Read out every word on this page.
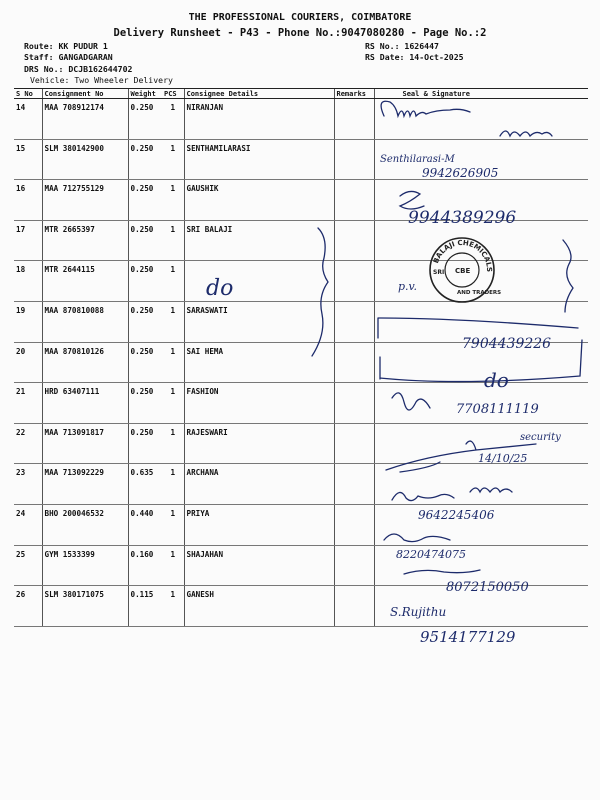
THE PROFESSIONAL COURIERS, COIMBATORE
Delivery Runsheet - P43 - Phone No.:9047080280 - Page No.:2
Route: KK PUDUR 1
Staff: GANGADGARAN
DRS No.: DCJB162644702
Vehicle: Two Wheeler Delivery
RS No.: 1626447
RS Date: 14-Oct-2025
S No	Consignment No	Weight	PCS	Consignee Details	Remarks	Seal & Signature
14	MAA 708912174	0.250	1	NIRANJAN		
15	SLM 380142900	0.250	1	SENTHAMILARASI		
16	MAA 712755129	0.250	1	GAUSHIK		
17	MTR 2665397	0.250	1	SRI BALAJI		
18	MTR 2644115	0.250	1			
19	MAA 870810088	0.250	1	SARASWATI		
20	MAA 870810126	0.250	1	SAI HEMA		
21	HRD 63407111	0.250	1	FASHION		
22	MAA 713091817	0.250	1	RAJESWARI		
23	MAA 713092229	0.635	1	ARCHANA		
24	BHO 200046532	0.440	1	PRIYA		
25	GYM 1533399	0.160	1	SHAJAHAN		
26	SLM 380171075	0.115	1	GANESH		
BALAJI CHEMICALS
SRI
AND TRADERS
CBE
do
Senthilarasi-M
9942626905
9944389296
p.v.
7904439226
do
7708111119
security
14/10/25
9642245406
8220474075
8072150050
S.Rujithu
9514177129
